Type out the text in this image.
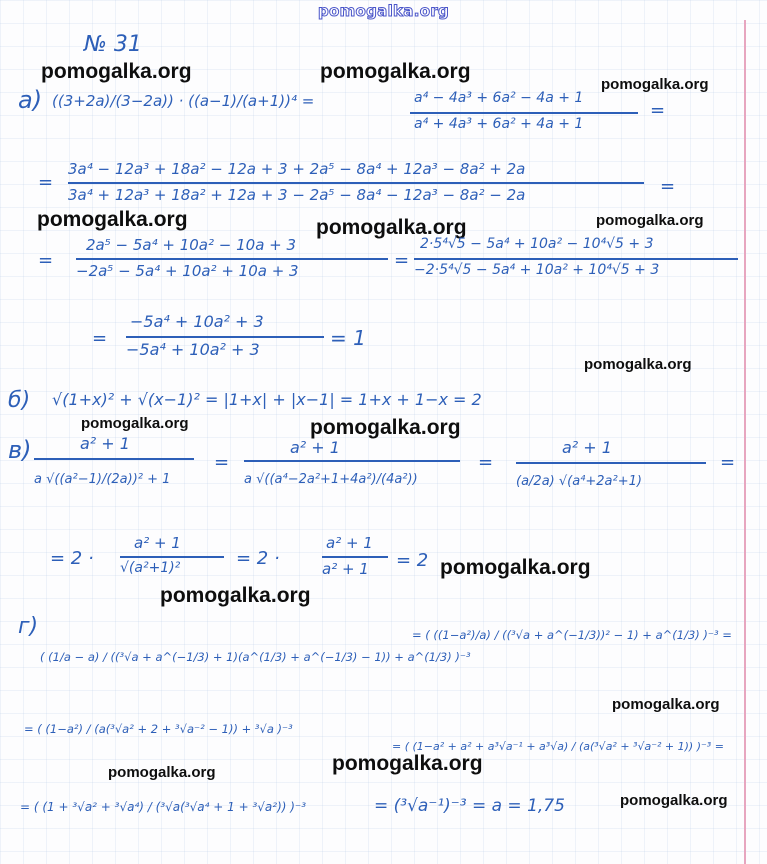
pomogalka.org
pomogalka.org	pomogalka.org
pomogalka.org
pomogalka.org	pomogalka.org	pomogalka.org
pomogalka.org
pomogalka.org	pomogalka.org
pomogalka.org
pomogalka.org
pomogalka.org
pomogalka.org	pomogalka.org
pomogalka.org
№ 31
a) ((3+2a)/(3−2a)) · ((a−1)/(a+1))⁴ =	a⁴ − 4a³ + 6a² − 4a + 1
a⁴ + 4a³ + 6a² + 4a + 1
=
=
3a⁴ − 12a³ + 18a² − 12a + 3 + 2a⁵ − 8a⁴ + 12a³ − 8a² + 2a
3a⁴ + 12a³ + 18a² + 12a + 3 − 2a⁵ − 8a⁴ − 12a³ − 8a² − 2a	=
=
2a⁵ − 5a⁴ + 10a² − 10a + 3
−2a⁵ − 5a⁴ + 10a² + 10a + 3	=
2·5⁴√5 − 5a⁴ + 10a² − 10⁴√5 + 3
−2·5⁴√5 − 5a⁴ + 10a² + 10⁴√5 + 3
=
−5a⁴ + 10a² + 3
−5a⁴ + 10a² + 3	= 1
б) √(1+x)² + √(x−1)² = |1+x| + |x−1| = 1+x + 1−x = 2
в)	a² + 1
a √((a²−1)/(2a))² + 1
=
a² + 1
a √((a⁴−2a²+1+4a²)/(4a²))
=
a² + 1
(a/2a) √(a⁴+2a²+1)
=
= 2 ·
a² + 1
√(a²+1)²	= 2 ·
a² + 1
a² + 1 = 2
г)
( (1/a − a) / ((³√a + a^(−1/3) + 1)(a^(1/3) + a^(−1/3) − 1)) + a^(1/3) )⁻³
= ( ((1−a²)/a) / ((³√a + a^(−1/3))² − 1) + a^(1/3) )⁻³ =
= ( (1−a²) / (a(³√a² + 2 + ³√a⁻² − 1)) + ³√a )⁻³
= ( (1−a² + a² + a³√a⁻¹ + a³√a) / (a(³√a² + ³√a⁻² + 1)) )⁻³ =
= ( (1 + ³√a² + ³√a⁴) / (³√a(³√a⁴ + 1 + ³√a²)) )⁻³	= (³√a⁻¹)⁻³ = a = 1,75
